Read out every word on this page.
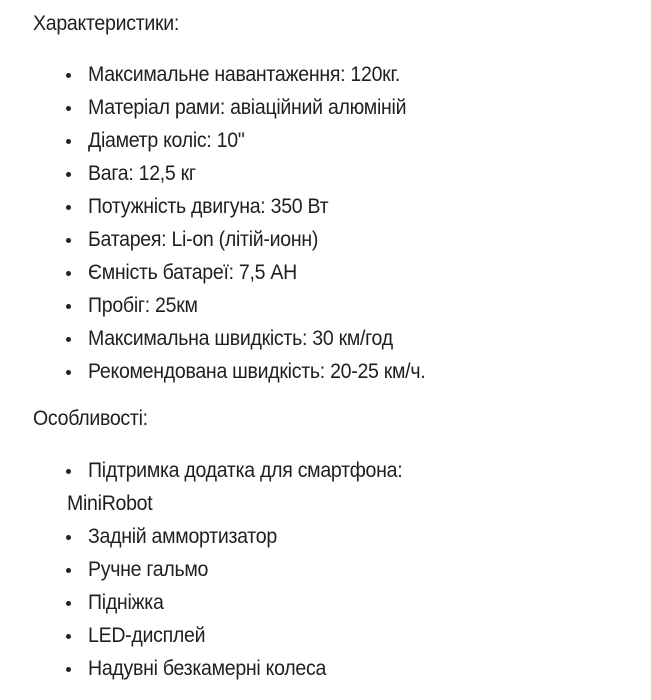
Характеристики:
Максимальне навантаження: 120кг.
Матеріал рами: авіаційний алюміній
Діаметр коліс: 10"
Вага: 12,5 кг
Потужність двигуна: 350 Вт
Батарея: Li-on (літій-ионн)
Ємність батареї: 7,5 АН
Пробіг: 25км
Максимальна швидкість: 30 км/год
Рекомендована швидкість: 20-25 км/ч.
Особливості:
Підтримка додатка для смартфона:
MiniRobot
Задній аммортизатор
Ручне гальмо
Підніжка
LED-дисплей
Надувні безкамерні колеса
